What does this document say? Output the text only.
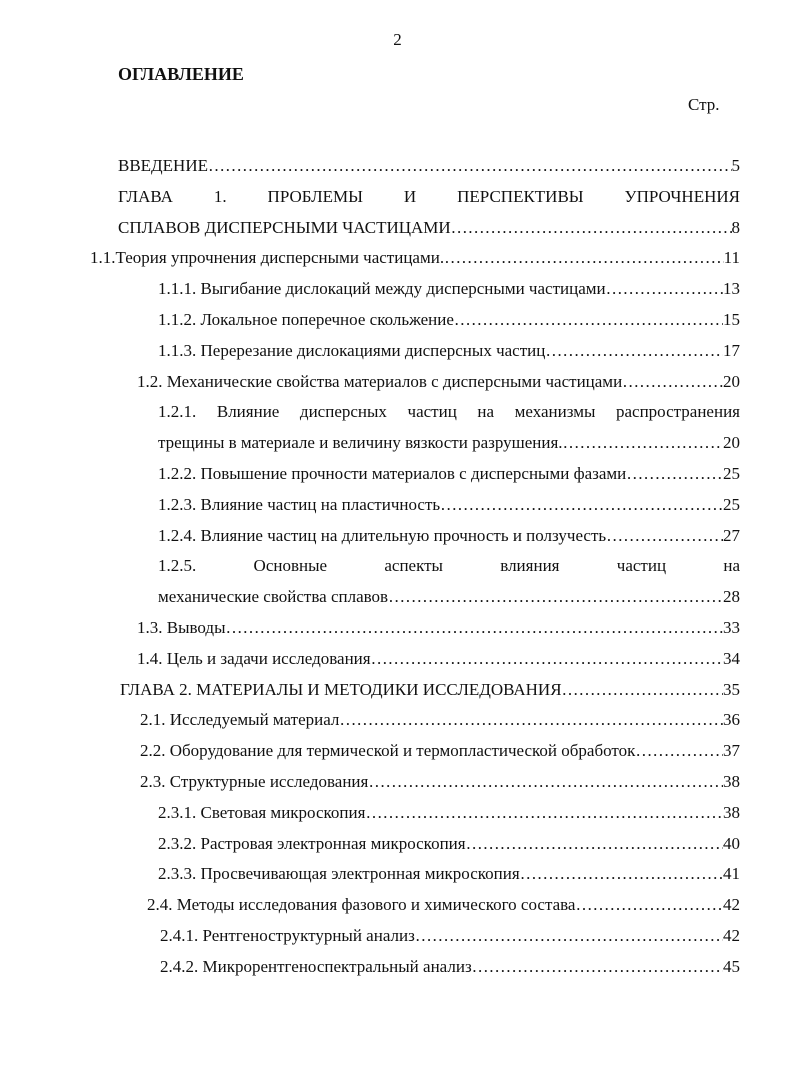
2
ОГЛАВЛЕНИЕ
Стр.
ВВЕДЕНИЕ ………………………………………………………………………………………………………………………………………………	5
ГЛАВА 1. ПРОБЛЕМЫ И ПЕРСПЕКТИВЫ УПРОЧНЕНИЯ
СПЛАВОВ ДИСПЕРСНЫМИ ЧАСТИЦАМИ ………………………………………………………………………………………………………………………………………………	8
1.1.Теория упрочнения дисперсными частицами. ………………………………………………………………………………………………………………………………………………	11
1.1.1. Выгибание дислокаций между дисперсными частицами ………………………………………………………………………………………………………………………………………………	13
1.1.2. Локальное поперечное скольжение ………………………………………………………………………………………………………………………………………………	15
1.1.3. Перерезание дислокациями дисперсных частиц ………………………………………………………………………………………………………………………………………………	17
1.2. Механические свойства материалов с дисперсными частицами ………………………………………………………………………………………………………………………………………………	20
1.2.1. Влияние дисперсных частиц на механизмы распространения
трещины в материале и величину вязкости разрушения. ………………………………………………………………………………………………………………………………………………	20
1.2.2. Повышение прочности материалов с дисперсными фазами ………………………………………………………………………………………………………………………………………………	25
1.2.3. Влияние частиц на пластичность ………………………………………………………………………………………………………………………………………………	25
1.2.4. Влияние частиц на длительную прочность и ползучесть ………………………………………………………………………………………………………………………………………………	27
1.2.5. Основные аспекты влияния частиц на
механические свойства сплавов ………………………………………………………………………………………………………………………………………………	28
1.3. Выводы ………………………………………………………………………………………………………………………………………………	33
1.4. Цель и задачи исследования ………………………………………………………………………………………………………………………………………………	34
ГЛАВА 2. МАТЕРИАЛЫ И МЕТОДИКИ ИССЛЕДОВАНИЯ ………………………………………………………………………………………………………………………………………………	35
2.1. Исследуемый материал ………………………………………………………………………………………………………………………………………………	36
2.2. Оборудование для термической и термопластической обработок ………………………………………………………………………………………………………………………………………………	37
2.3. Структурные исследования ………………………………………………………………………………………………………………………………………………	38
2.3.1. Световая микроскопия ………………………………………………………………………………………………………………………………………………	38
2.3.2. Растровая электронная микроскопия ………………………………………………………………………………………………………………………………………………	40
2.3.3. Просвечивающая электронная микроскопия ………………………………………………………………………………………………………………………………………………	41
2.4. Методы исследования фазового и химического состава ………………………………………………………………………………………………………………………………………………	42
2.4.1. Рентгеноструктурный анализ ………………………………………………………………………………………………………………………………………………	42
2.4.2. Микрорентгеноспектральный анализ ………………………………………………………………………………………………………………………………………………	45
